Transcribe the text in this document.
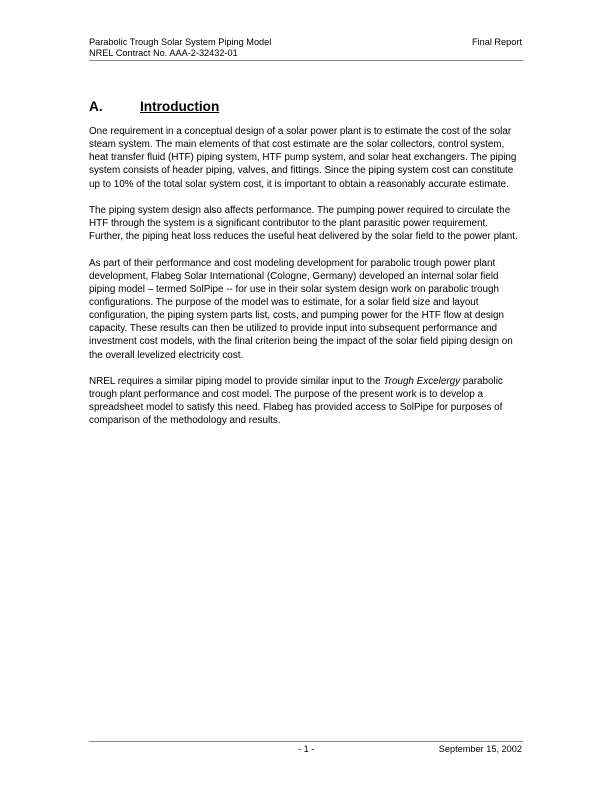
Parabolic Trough Solar System Piping Model
NREL Contract No. AAA-2-32432-01
Final Report
A.	Introduction

One requirement in a conceptual design of a solar power plant is to estimate the cost of the solar steam system. The main elements of that cost estimate are the solar collectors, control system, heat transfer fluid (HTF) piping system, HTF pump system, and solar heat exchangers. The piping system consists of header piping, valves, and fittings. Since the piping system cost can constitute up to 10% of the total solar system cost, it is important to obtain a reasonably accurate estimate.

The piping system design also affects performance. The pumping power required to circulate the HTF through the system is a significant contributor to the plant parasitic power requirement. Further, the piping heat loss reduces the useful heat delivered by the solar field to the power plant.

As part of their performance and cost modeling development for parabolic trough power plant development, Flabeg Solar International (Cologne, Germany) developed an internal solar field piping model – termed SolPipe -- for use in their solar system design work on parabolic trough configurations. The purpose of the model was to estimate, for a solar field size and layout configuration, the piping system parts list, costs, and pumping power for the HTF flow at design capacity. These results can then be utilized to provide input into subsequent performance and investment cost models, with the final criterion being the impact of the solar field piping design on the overall levelized electricity cost.

NREL requires a similar piping model to provide similar input to the Trough Excelergy parabolic trough plant performance and cost model. The purpose of the present work is to develop a spreadsheet model to satisfy this need. Flabeg has provided access to SolPipe for purposes of comparison of the methodology and results.

- 1 -	September 15, 2002
